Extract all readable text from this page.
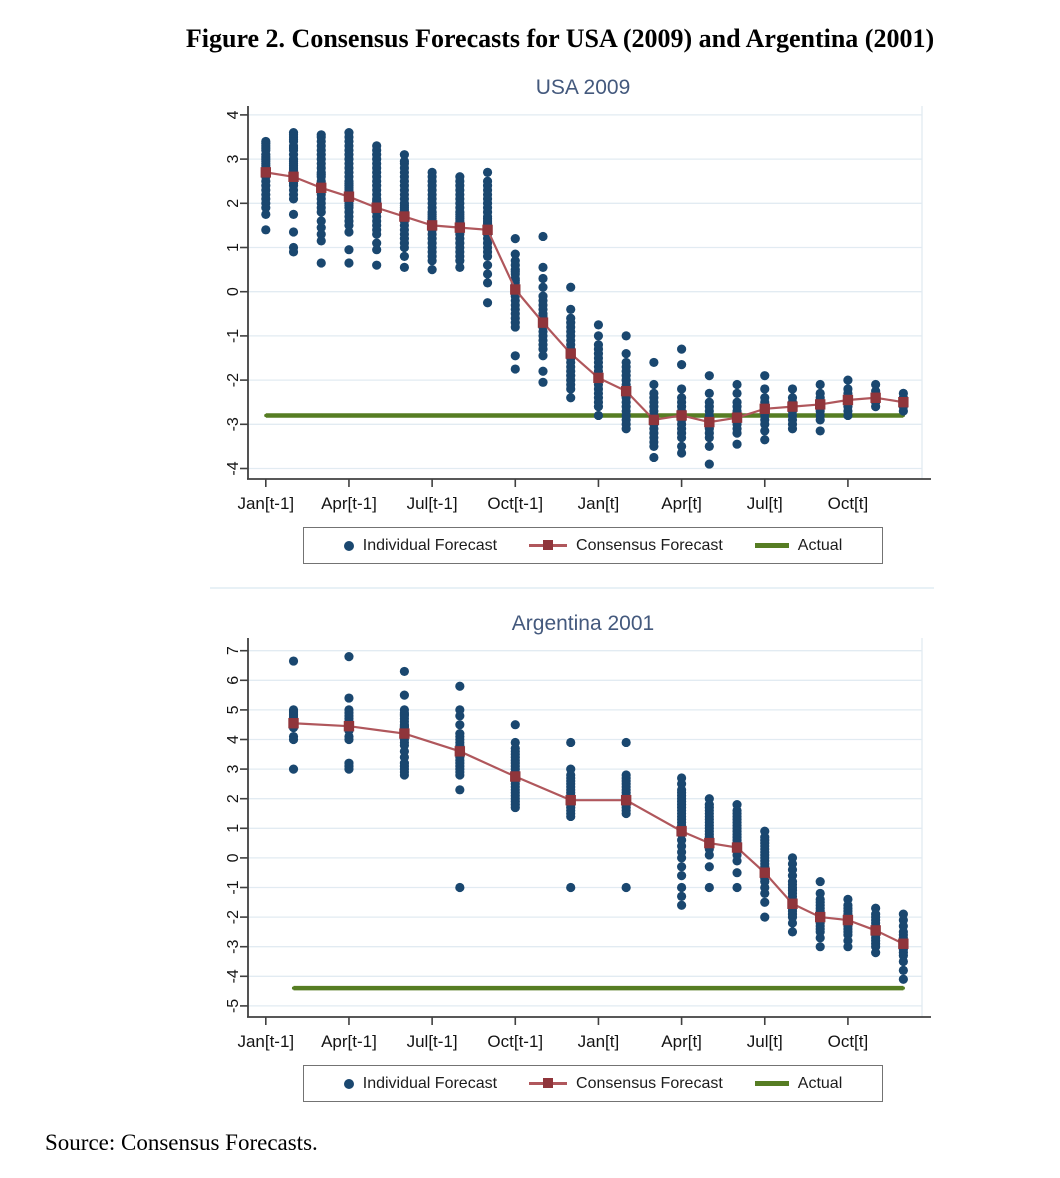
Figure 2. Consensus Forecasts for USA (2009) and Argentina (2001)
4
3
2
1
0
-1
-2
-3
-4
Jan[t-1] Apr[t-1] Jul[t-1] Oct[t-1] Jan[t] Apr[t]	Jul[t]	Oct[t]
7
6
5
4
3
2
1
0
-1
-2
-3
-4
-5
Jan[t-1] Apr[t-1] Jul[t-1] Oct[t-1] Jan[t] Apr[t]	Jul[t]	Oct[t]
USA 2009
Argentina 2001
Individual Forecast	Consensus Forecast	Actual
Individual Forecast	Consensus Forecast	Actual
Source: Consensus Forecasts.
